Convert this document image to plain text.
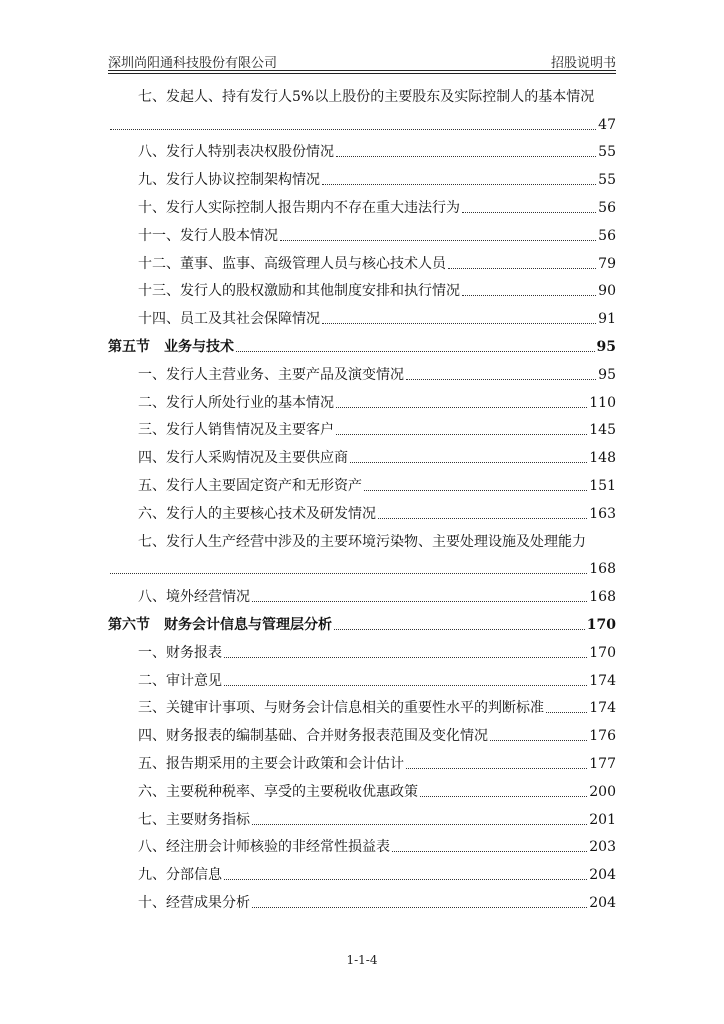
深圳尚阳通科技股份有限公司	招股说明书
七、发起人、持有发行人5%以上股份的主要股东及实际控制人的基本情况
47
八、发行人特别表决权股份情况	55
九、发行人协议控制架构情况	55
十、发行人实际控制人报告期内不存在重大违法行为	56
十一、发行人股本情况	56
十二、董事、监事、高级管理人员与核心技术人员	79
十三、发行人的股权激励和其他制度安排和执行情况	90
十四、员工及其社会保障情况	91
第五节　业务与技术	95
一、发行人主营业务、主要产品及演变情况	95
二、发行人所处行业的基本情况	110
三、发行人销售情况及主要客户	145
四、发行人采购情况及主要供应商	148
五、发行人主要固定资产和无形资产	151
六、发行人的主要核心技术及研发情况	163
七、发行人生产经营中涉及的主要环境污染物、主要处理设施及处理能力
168
八、境外经营情况	168
第六节　财务会计信息与管理层分析	170
一、财务报表	170
二、审计意见	174
三、关键审计事项、与财务会计信息相关的重要性水平的判断标准	174
四、财务报表的编制基础、合并财务报表范围及变化情况	176
五、报告期采用的主要会计政策和会计估计	177
六、主要税种税率、享受的主要税收优惠政策	200
七、主要财务指标	201
八、经注册会计师核验的非经常性损益表	203
九、分部信息	204
十、经营成果分析	204
1-1-4
